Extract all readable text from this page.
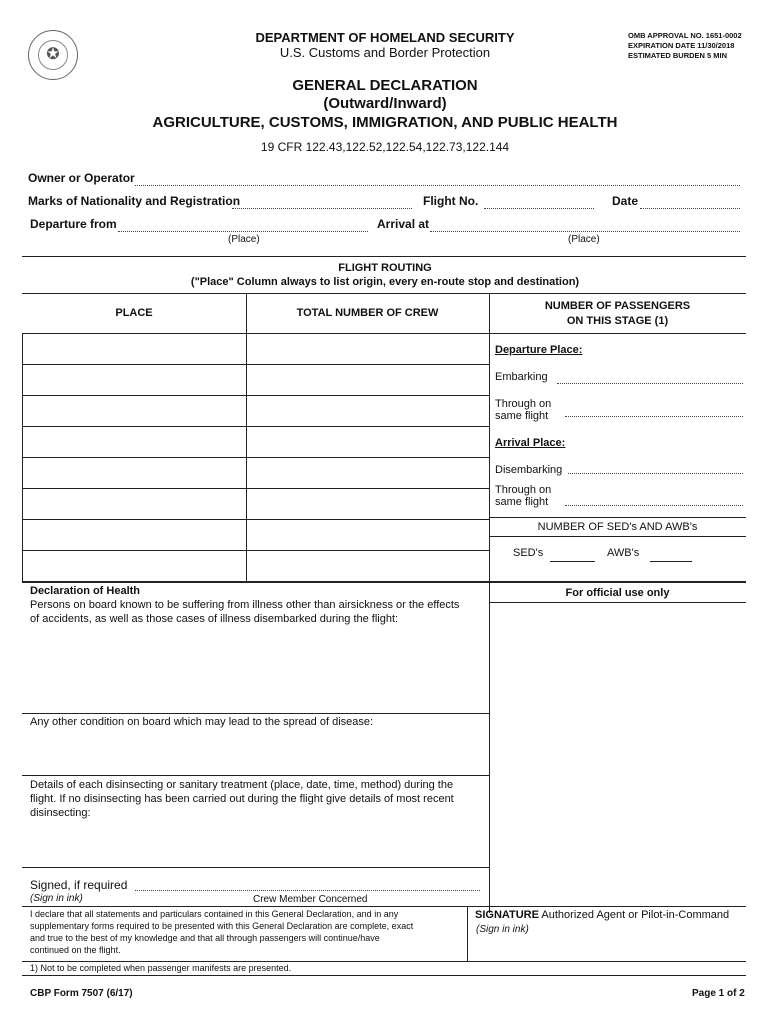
✪
DEPARTMENT OF HOMELAND SECURITY
U.S. Customs and Border Protection
OMB APPROVAL NO. 1651-0002
EXPIRATION DATE 11/30/2018
ESTIMATED BURDEN 5 MIN
GENERAL DECLARATION
(Outward/Inward)
AGRICULTURE, CUSTOMS, IMMIGRATION, AND PUBLIC HEALTH
19 CFR 122.43,122.52,122.54,122.73,122.144
Owner or Operator
Marks of Nationality and Registration	Flight No.	Date
Departure from	Arrival at
(Place)	(Place)
FLIGHT ROUTING
("Place" Column always to list origin, every en-route stop and destination)
PLACE	TOTAL NUMBER OF CREW
NUMBER OF PASSENGERS
ON THIS STAGE (1)
Departure Place:
Embarking
Through on
same flight
Arrival Place:
Disembarking
Through on
same flight
NUMBER OF SED's AND AWB's
SED's	AWB's
Declaration of Health
Persons on board known to be suffering from illness other than airsickness or the effects
of accidents, as well as those cases of illness disembarked during the flight:
For official use only
Any other condition on board which may lead to the spread of disease:
Details of each disinsecting or sanitary treatment (place, date, time, method) during the
flight. If no disinsecting has been carried out during the flight give details of most recent
disinsecting:
Signed, if required
(Sign in ink)	Crew Member Concerned
I declare that all statements and particulars contained in this General Declaration, and in any
supplementary forms required to be presented with this General Declaration are complete, exact
and true to the best of my knowledge and that all through passengers will continue/have
continued on the flight.
SIGNATURE Authorized Agent or Pilot-in-Command
(Sign in ink)
1) Not to be completed when passenger manifests are presented.
CBP Form 7507 (6/17)	Page 1 of 2
